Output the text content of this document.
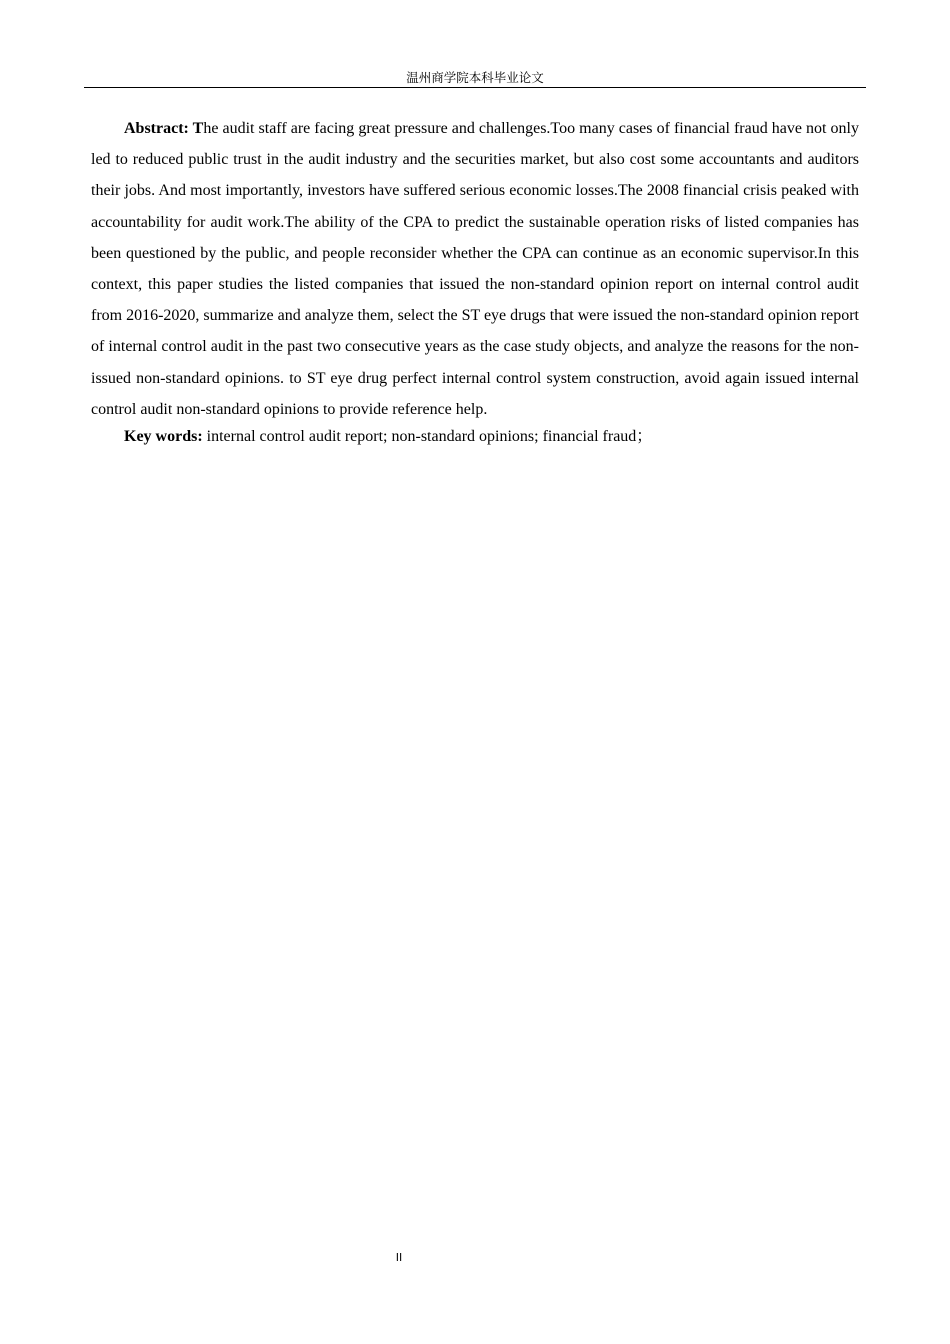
温州商学院本科毕业论文

Abstract: The audit staff are facing great pressure and challenges.Too many cases of financial fraud have not only led to reduced public trust in the audit industry and the securities market, but also cost some accountants and auditors their jobs. And most importantly, investors have suffered serious economic losses.The 2008 financial crisis peaked with accountability for audit work.The ability of the CPA to predict the sustainable operation risks of listed companies has been questioned by the public, and people reconsider whether the CPA can continue as an economic supervisor.In this context, this paper studies the listed companies that issued the non-standard opinion report on internal control audit from 2016-2020, summarize and analyze them, select the ST eye drugs that were issued the non-standard opinion report of internal control audit in the past two consecutive years as the case study objects, and analyze the reasons for the non-issued non-standard opinions. to ST eye drug perfect internal control system construction, avoid again issued internal control audit non-standard opinions to provide reference help.

Key words: internal control audit report; non-standard opinions; financial fraud；

II
